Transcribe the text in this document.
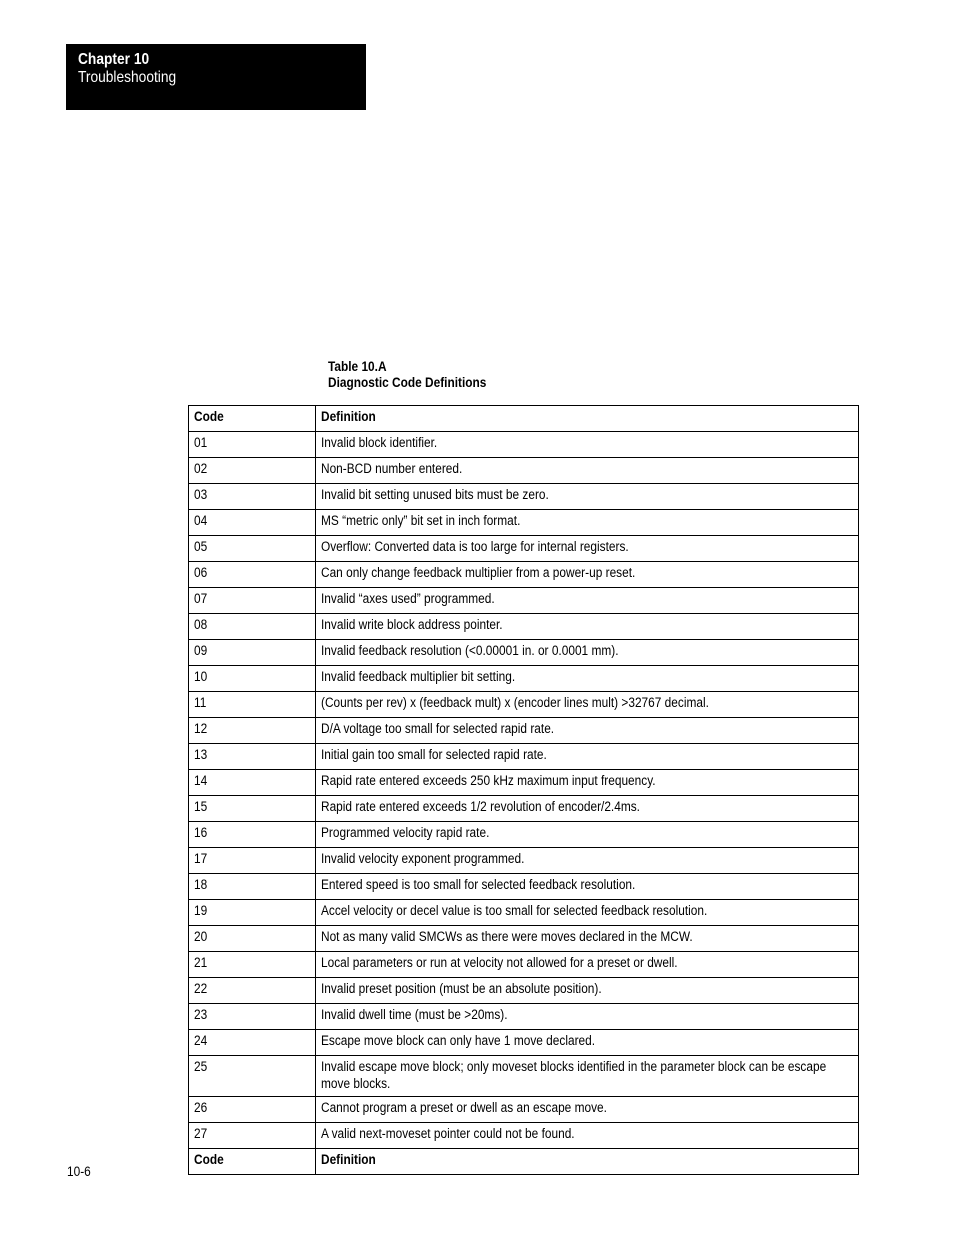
Chapter 10
Troubleshooting
Table 10.A
Diagnostic Code Definitions
Code	Definition
01	Invalid block identifier.

02	Non-BCD number entered.

03	Invalid bit setting unused bits must be zero.

04	MS “metric only” bit set in inch format.

05	Overflow: Converted data is too large for internal registers.

06	Can only change feedback multiplier from a power-up reset.

07	Invalid “axes used” programmed.

08	Invalid write block address pointer.

09	Invalid feedback resolution (<0.00001 in. or 0.0001 mm).

10	Invalid feedback multiplier bit setting.

11	(Counts per rev) x (feedback mult) x (encoder lines mult) >32767 decimal.

12	D/A voltage too small for selected rapid rate.

13	Initial gain too small for selected rapid rate.

14	Rapid rate entered exceeds 250 kHz maximum input frequency.

15	Rapid rate entered exceeds 1/2 revolution of encoder/2.4ms.

16	Programmed velocity rapid rate.

17	Invalid velocity exponent programmed.

18	Entered speed is too small for selected feedback resolution.

19	Accel velocity or decel value is too small for selected feedback resolution.

20	Not as many valid SMCWs as there were moves declared in the MCW.

21	Local parameters or run at velocity not allowed for a preset or dwell.

22	Invalid preset position (must be an absolute position).

23	Invalid dwell time (must be >20ms).

24	Escape move block can only have 1 move declared.

25	Invalid escape move block; only moveset blocks identified in the parameter block can be escape move blocks.

26	Cannot program a preset or dwell as an escape move.

27	A valid next-moveset pointer could not be found.

Code	Definition
10-6
